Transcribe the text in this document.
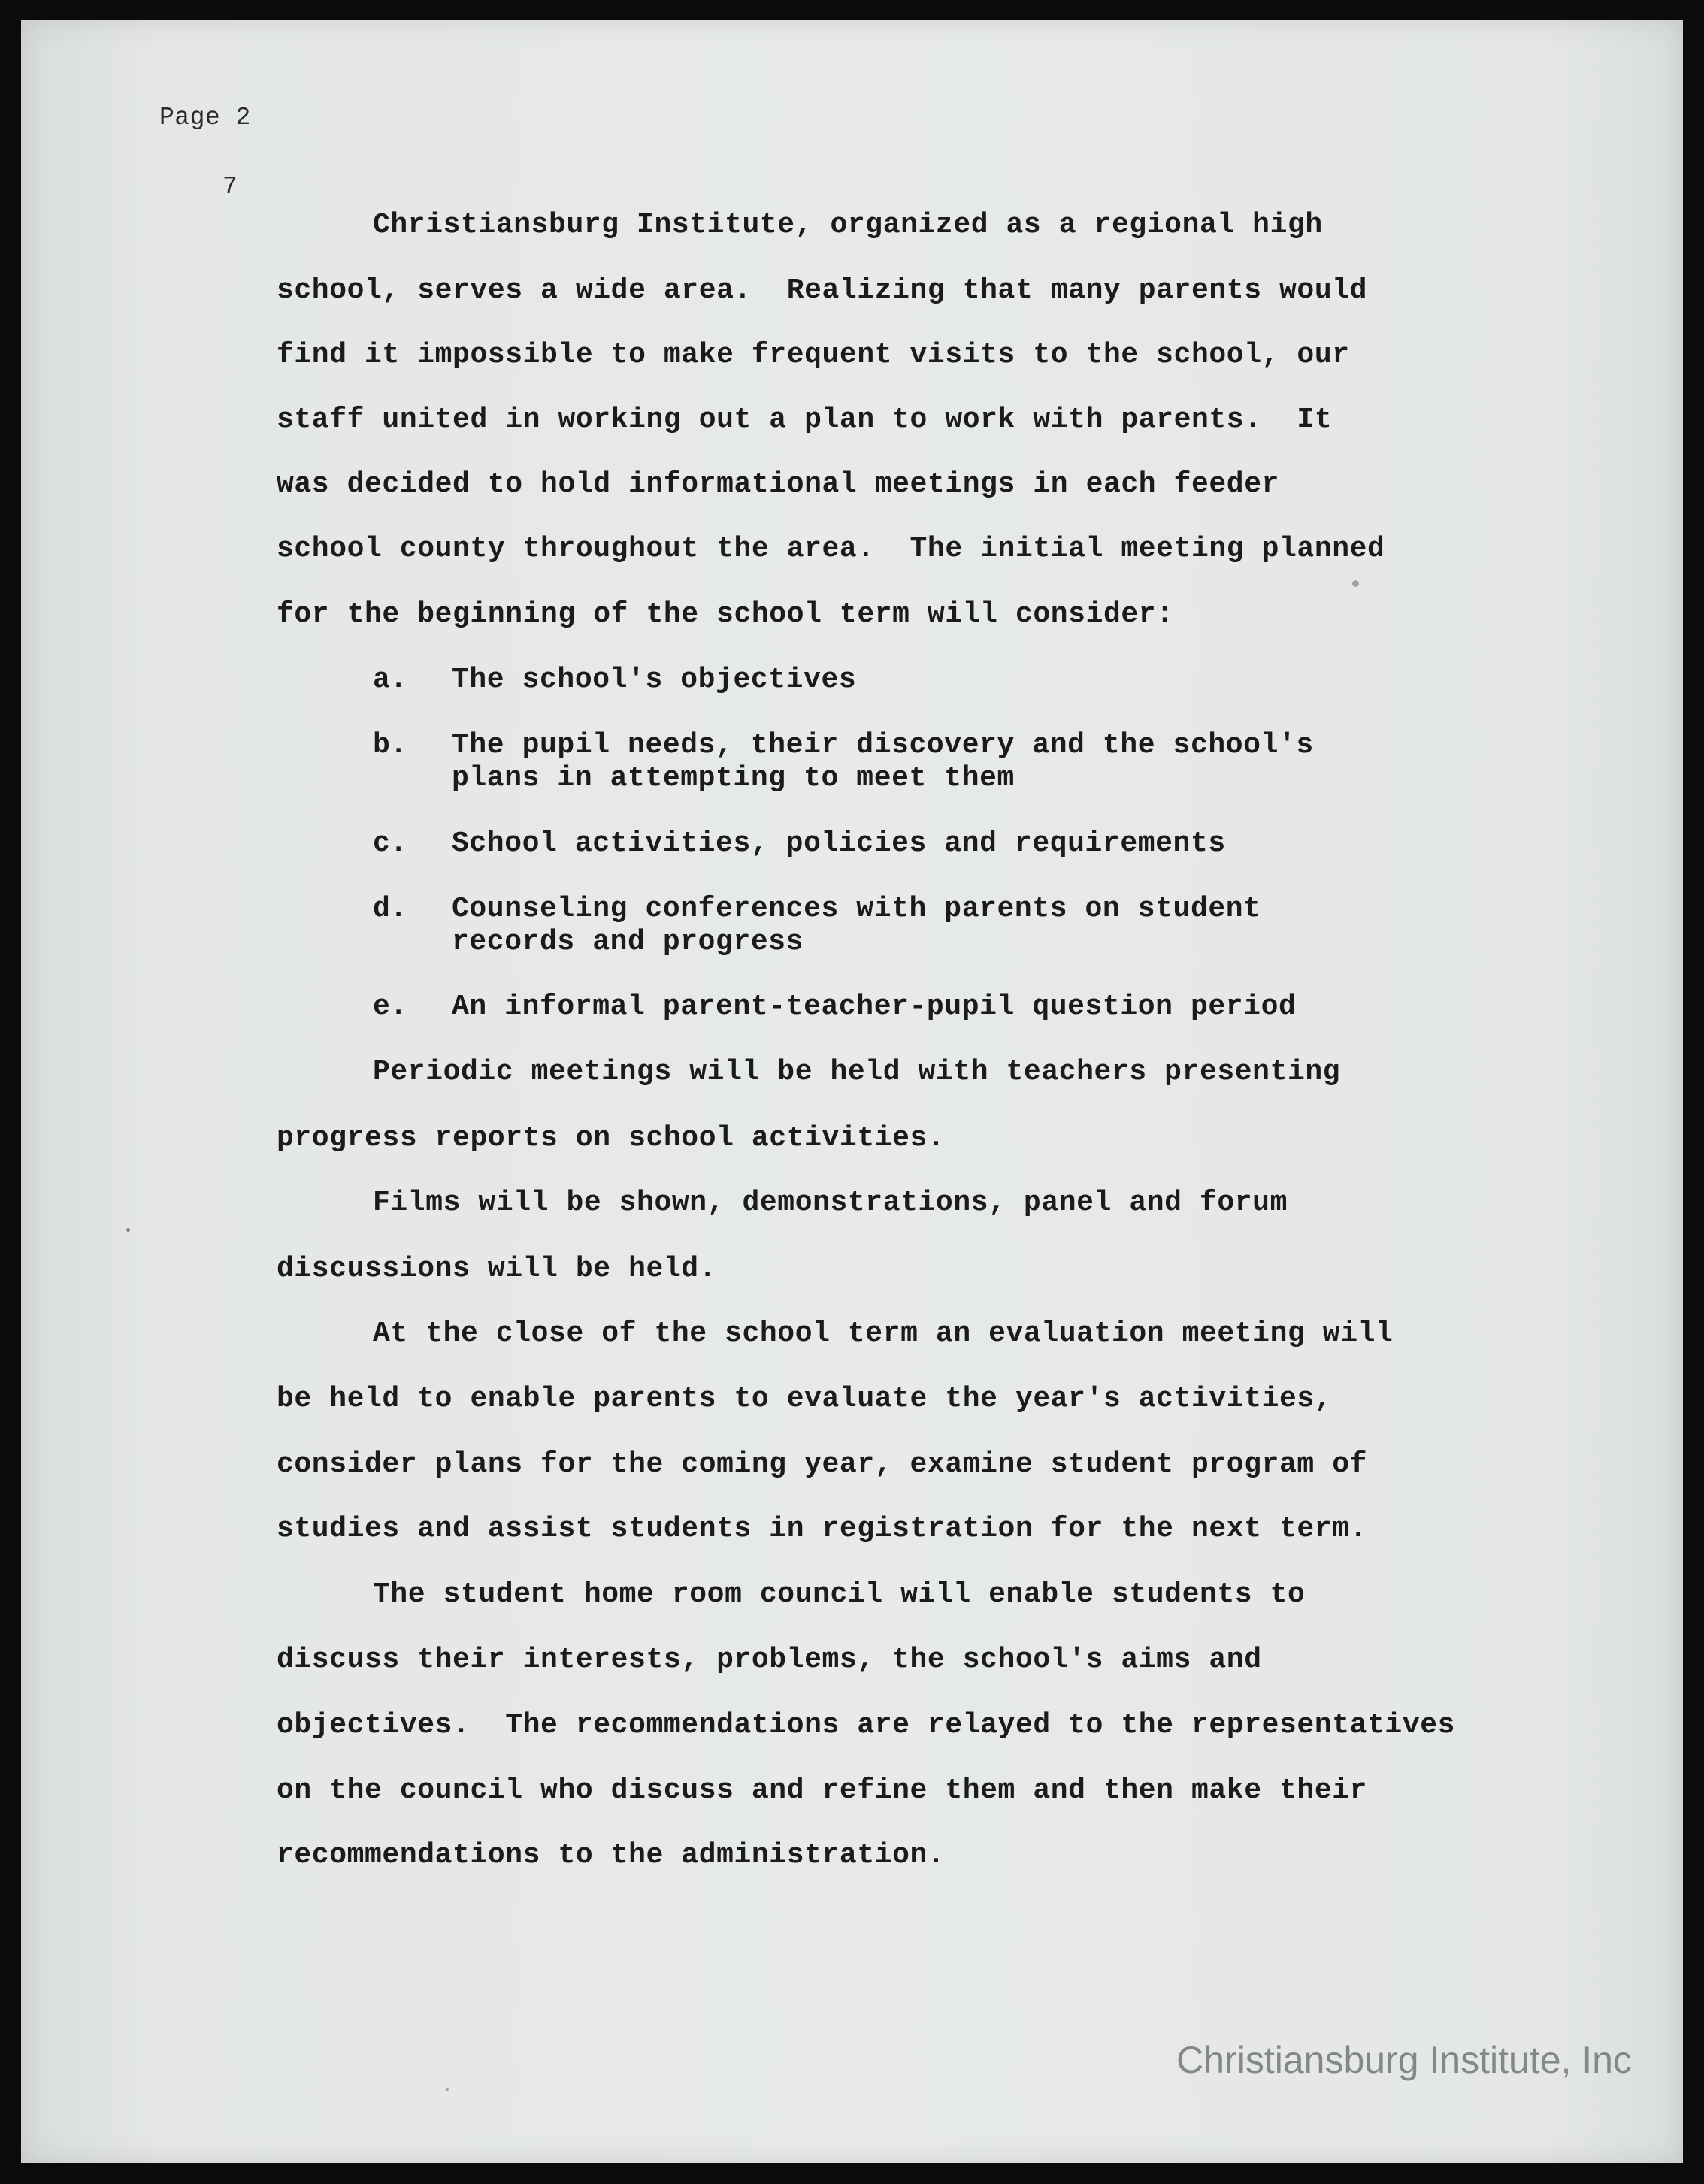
Page 2
7
Christiansburg Institute, organized as a regional high
school, serves a wide area.  Realizing that many parents would
find it impossible to make frequent visits to the school, our
staff united in working out a plan to work with parents.  It
was decided to hold informational meetings in each feeder
school county throughout the area.  The initial meeting planned
for the beginning of the school term will consider:
a. The school's objectives
b. The pupil needs, their discovery and the school's
plans in attempting to meet them
c. School activities, policies and requirements
d. Counseling conferences with parents on student
records and progress
e. An informal parent-teacher-pupil question period
Periodic meetings will be held with teachers presenting
progress reports on school activities.
Films will be shown, demonstrations, panel and forum
discussions will be held.
At the close of the school term an evaluation meeting will
be held to enable parents to evaluate the year's activities,
consider plans for the coming year, examine student program of
studies and assist students in registration for the next term.
The student home room council will enable students to
discuss their interests, problems, the school's aims and
objectives.  The recommendations are relayed to the representatives
on the council who discuss and refine them and then make their
recommendations to the administration.
Christiansburg Institute, Inc
